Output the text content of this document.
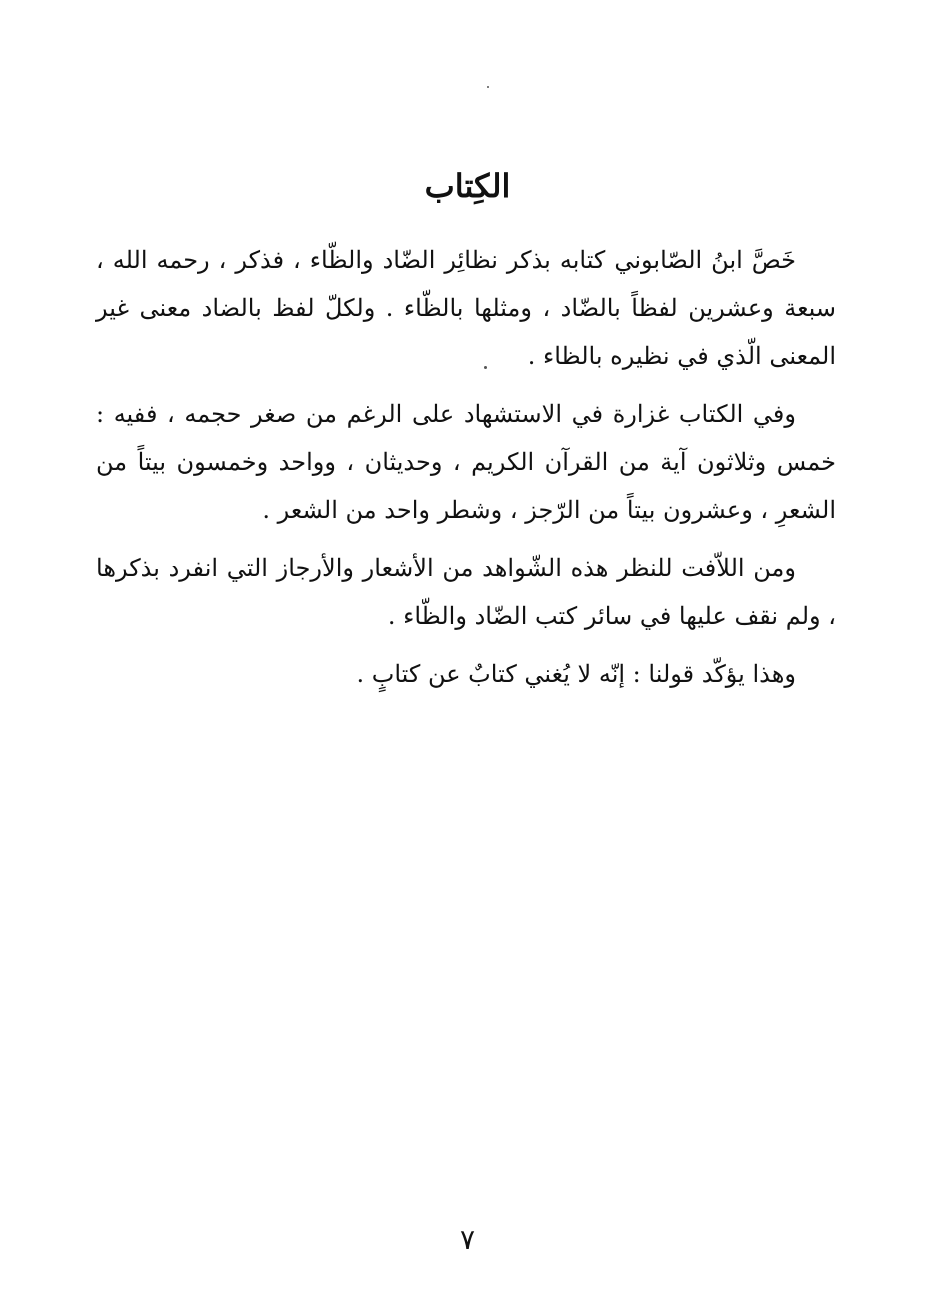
الكِتاب

خَصَّ ابنُ الصّابوني كتابه بذكر نظائِر الضّاد والظّاء ، فذكر ، رحمه الله ، سبعة وعشرين لفظاً بالضّاد ، ومثلها بالظّاء . ولكلّ لفظ بالضاد معنى غير المعنى الّذي في نظيره بالظاء .

وفي الكتاب غزارة في الاستشهاد على الرغم من صغر حجمه ، ففيه : خمس وثلاثون آية من القرآن الكريم ، وحديثان ، وواحد وخمسون بيتاً من الشعرِ ، وعشرون بيتاً من الرّجز ، وشطر واحد من الشعر .

ومن اللاّفت للنظر هذه الشّواهد من الأشعار والأرجاز التي انفرد بذكرها ، ولم نقف عليها في سائر كتب الضّاد والظّاء .

وهذا يؤكّد قولنا : إنّه لا يُغني كتابٌ عن كتابٍ .

٧
